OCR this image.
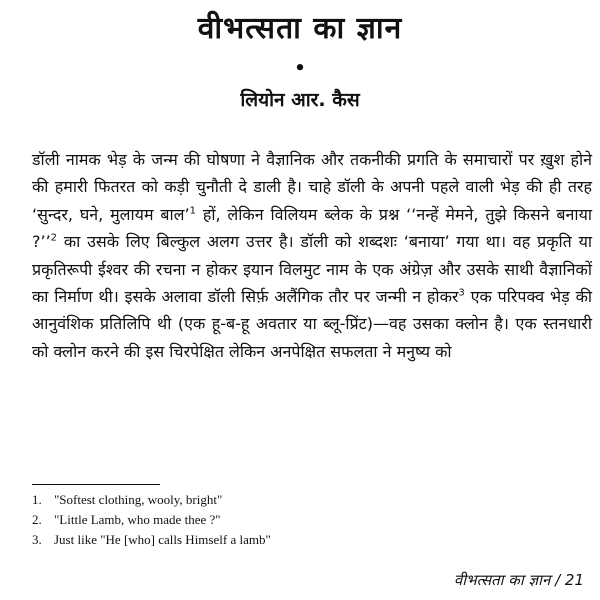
वीभत्सता का ज्ञान
•
लियोन आर. कैस

डॉली नामक भेड़ के जन्म की घोषणा ने वैज्ञानिक और तकनीकी प्रगति के समाचारों पर ख़ुश होने की हमारी फितरत को कड़ी चुनौती दे डाली है। चाहे डॉली के अपनी पहले वाली भेड़ की ही तरह ‘सुन्दर, घने, मुलायम बाल’$^1$ हों, लेकिन विलियम ब्लेक के प्रश्न ‘‘नन्हें मेमने, तुझे किसने बनाया ?’’$^2$ का उसके लिए बिल्कुल अलग उत्तर है। डॉली को शब्दशः ‘बनाया’ गया था। वह प्रकृति या प्रकृतिरूपी ईश्वर की रचना न होकर इयान विलमुट नाम के एक अंग्रेज़ और उसके साथी वैज्ञानिकों का निर्माण थी। इसके अलावा डॉली सिर्फ़ अलैंगिक तौर पर जन्मी न होकर$^3$ एक परिपक्व भेड़ की आनुवंशिक प्रतिलिपि थी (एक हू-ब-हू अवतार या ब्लू-प्रिंट)—वह उसका क्लोन है। एक स्तनधारी को क्लोन करने की इस चिरपेक्षित लेकिन अनपेक्षित सफलता ने मनुष्य को

1. "Softest clothing, wooly, bright"
2. "Little Lamb, who made thee ?"
3. Just like "He [who] calls Himself a lamb"
वीभत्सता का ज्ञान / 21
